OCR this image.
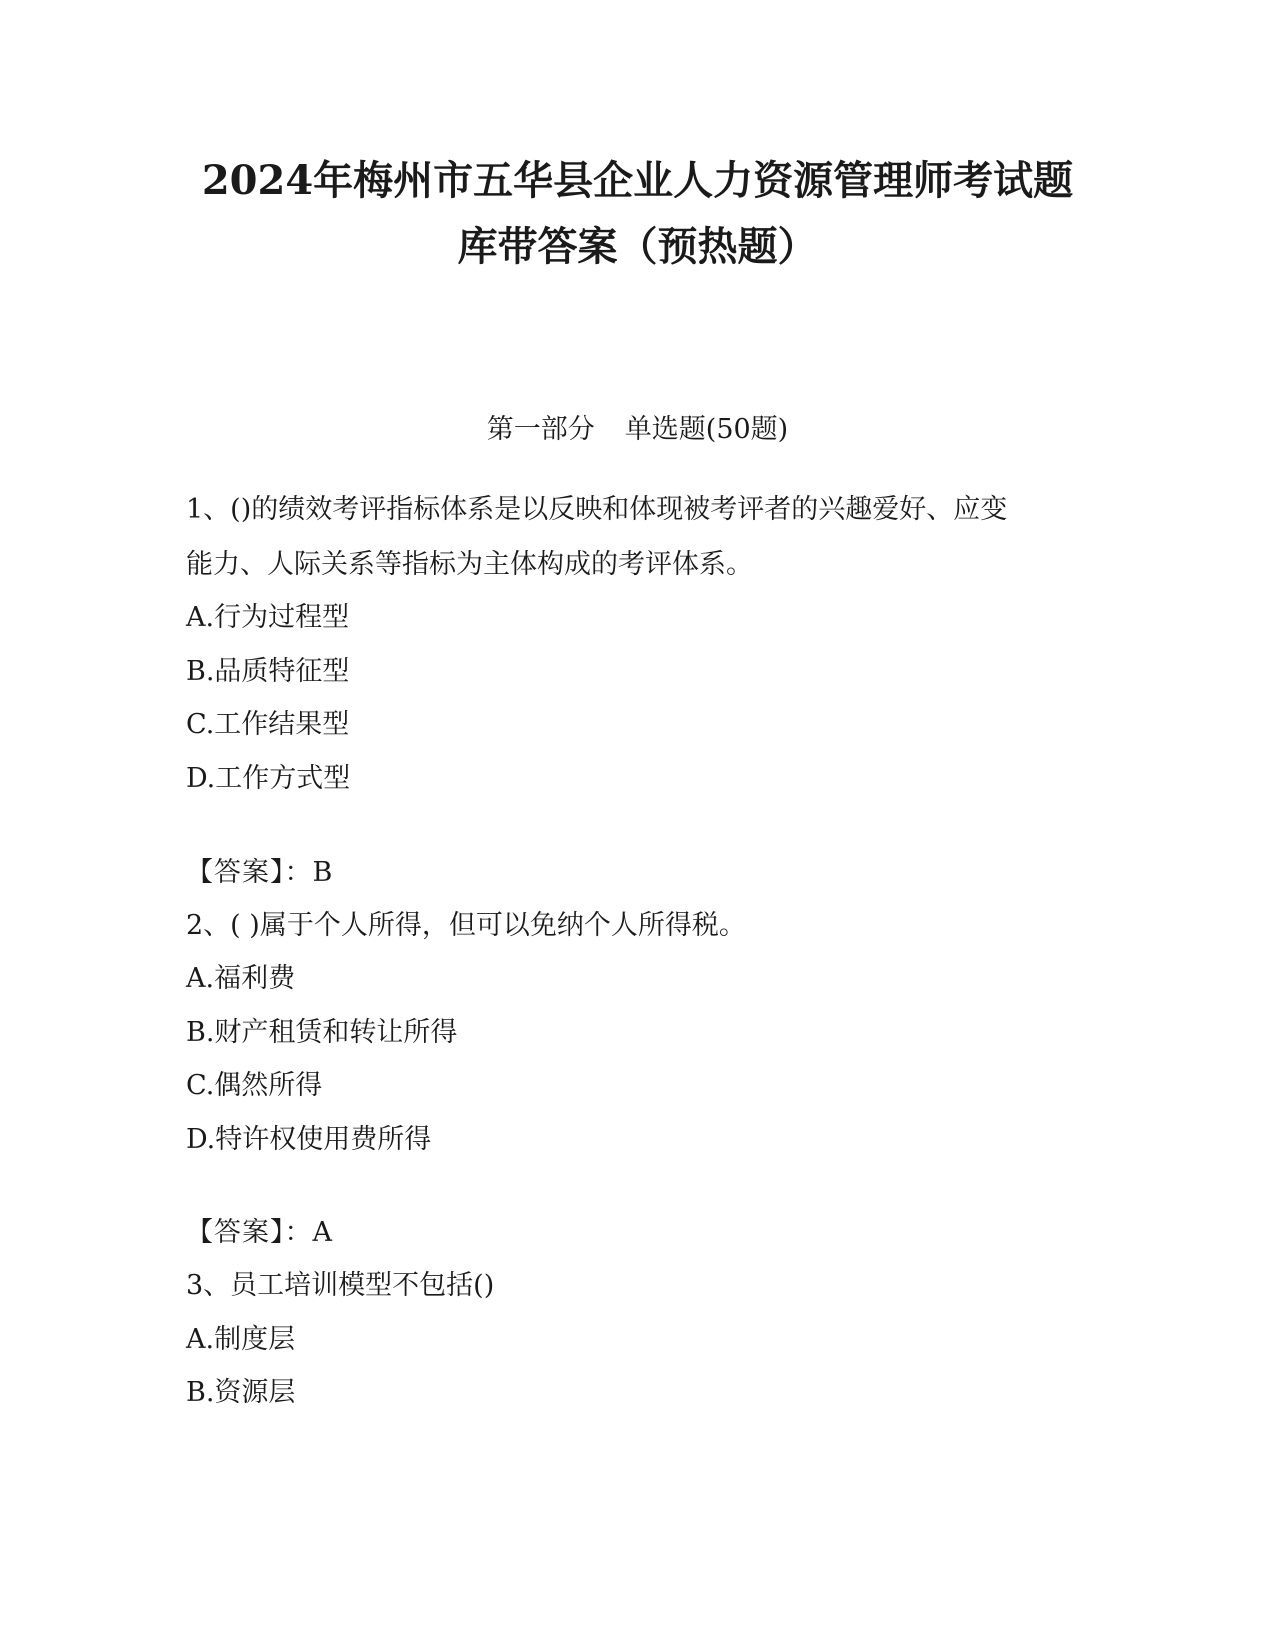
2024年梅州市五华县企业人力资源管理师考试题
库带答案（预热题）
第一部分 单选题(50题)
1、()的绩效考评指标体系是以反映和体现被考评者的兴趣爱好、应变
能力、人际关系等指标为主体构成的考评体系。
A.行为过程型
B.品质特征型
C.工作结果型
D.工作方式型
【答案】：B
2、( )属于个人所得，但可以免纳个人所得税。
A.福利费
B.财产租赁和转让所得
C.偶然所得
D.特许权使用费所得
【答案】：A
3、员工培训模型不包括()
A.制度层
B.资源层
